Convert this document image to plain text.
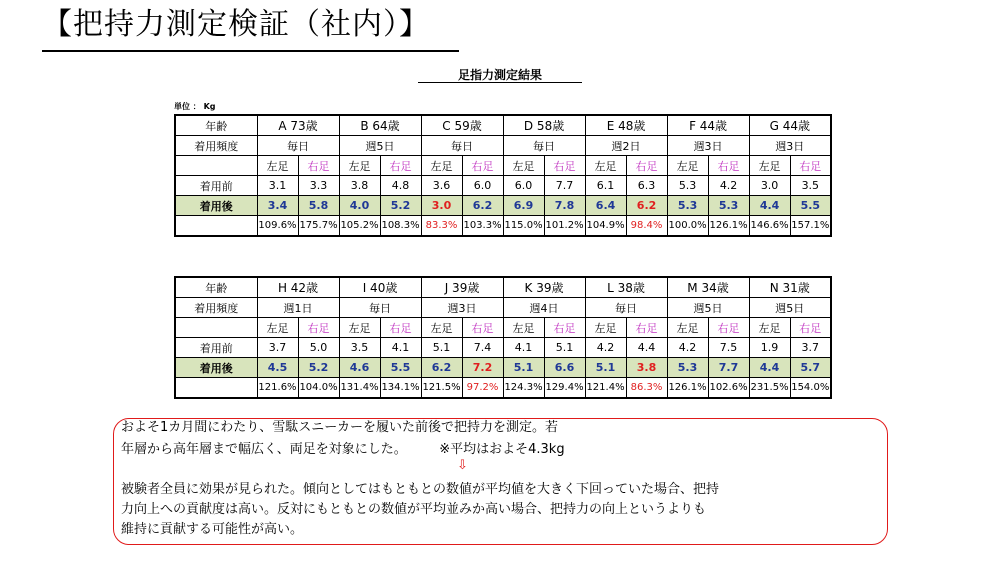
【把持力測定検証（社内）】
足指力測定結果
単位 ： Kg
年齢	A 73歳		B 64歳		C 59歳		D 58歳		E 48歳		F 44歳		G 44歳	
着用頻度	毎日		週5日		毎日		毎日		週2日		週3日		週3日	
	左足	右足	左足	右足	左足	右足	左足	右足	左足	右足	左足	右足	左足	右足
着用前	3.1	3.3	3.8	4.8	3.6	6.0	6.0	7.7	6.1	6.3	5.3	4.2	3.0	3.5
着用後	3.4	5.8	4.0	5.2	3.0	6.2	6.9	7.8	6.4	6.2	5.3	5.3	4.4	5.5
	109.6%	175.7%	105.2%	108.3%	83.3%	103.3%	115.0%	101.2%	104.9%	98.4%	100.0%	126.1%	146.6%	157.1%
年齢	H 42歳		I 40歳		J 39歳		K 39歳		L 38歳		M 34歳		N 31歳	
着用頻度	週1日		毎日		週3日		週4日		毎日		週5日		週5日	
	左足	右足	左足	右足	左足	右足	左足	右足	左足	右足	左足	右足	左足	右足
着用前	3.7	5.0	3.5	4.1	5.1	7.4	4.1	5.1	4.2	4.4	4.2	7.5	1.9	3.7
着用後	4.5	5.2	4.6	5.5	6.2	7.2	5.1	6.6	5.1	3.8	5.3	7.7	4.4	5.7
	121.6%	104.0%	131.4%	134.1%	121.5%	97.2%	124.3%	129.4%	121.4%	86.3%	126.1%	102.6%	231.5%	154.0%
およそ1カ月間にわたり、雪駄スニーカーを履いた前後で把持力を測定。若
年層から高年層まで幅広く、両足を対象にした。　　　※平均はおよそ4.3kg
⇩
被験者全員に効果が見られた。傾向としてはもともとの数値が平均値を大きく下回っていた場合、把持
力向上への貢献度は高い。反対にもともとの数値が平均並みか高い場合、把持力の向上というよりも
維持に貢献する可能性が高い。
